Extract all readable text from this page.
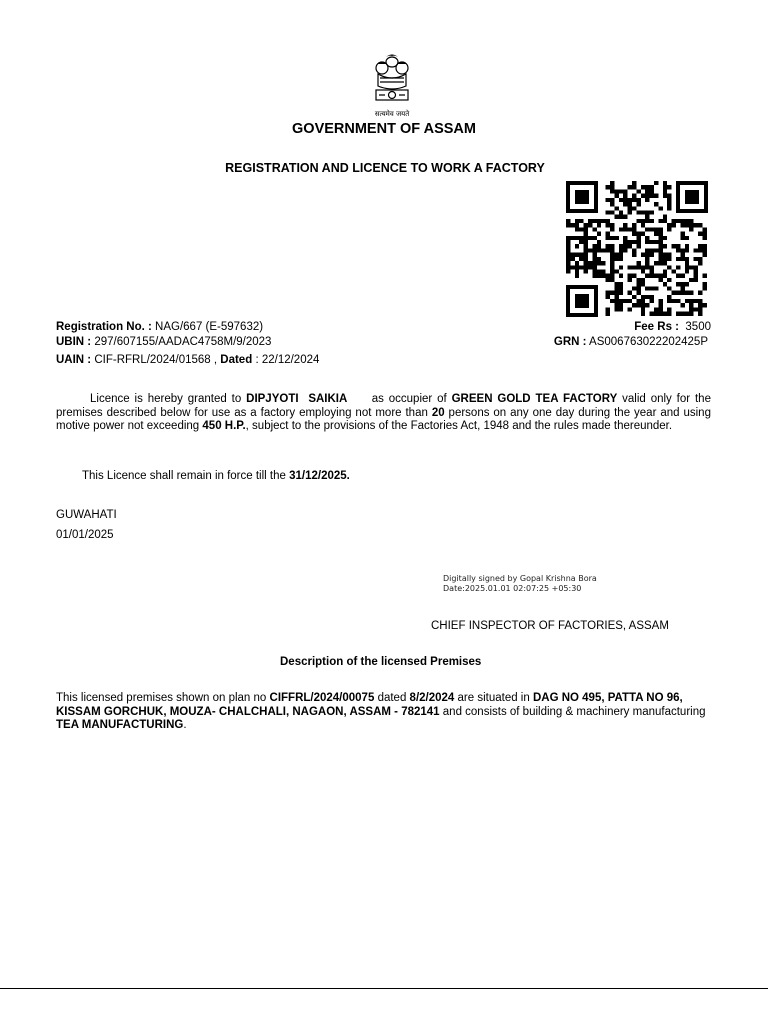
सत्यमेव जयते
GOVERNMENT OF ASSAM
REGISTRATION AND LICENCE TO WORK A FACTORY
Registration No. : NAG/667 (E-597632)	Fee Rs : 3500
UBIN : 297/607155/AADAC4758M/9/2023	GRN : AS006763022202425P
UAIN : CIF-RFRL/2024/01568 , Dated : 22/12/2024
Licence is hereby granted to DIPJYOTI  SAIKIA as occupier of GREEN GOLD TEA FACTORY valid only for the premises described below for use as a factory employing not more than 20 persons on any one day during the year and using motive power not exceeding 450 H.P., subject to the provisions of the Factories Act, 1948 and the rules made thereunder.
This Licence shall remain in force till the 31/12/2025.
GUWAHATI
01/01/2025
Digitally signed by Gopal Krishna Bora
Date:2025.01.01 02:07:25 +05:30
CHIEF INSPECTOR OF FACTORIES, ASSAM
Description of the licensed Premises
This licensed premises shown on plan no CIFFRL/2024/00075 dated 8/2/2024 are situated in DAG NO 495, PATTA NO 96, KISSAM GORCHUK, MOUZA- CHALCHALI, NAGAON, ASSAM - 782141 and consists of building & machinery manufacturing TEA MANUFACTURING.
